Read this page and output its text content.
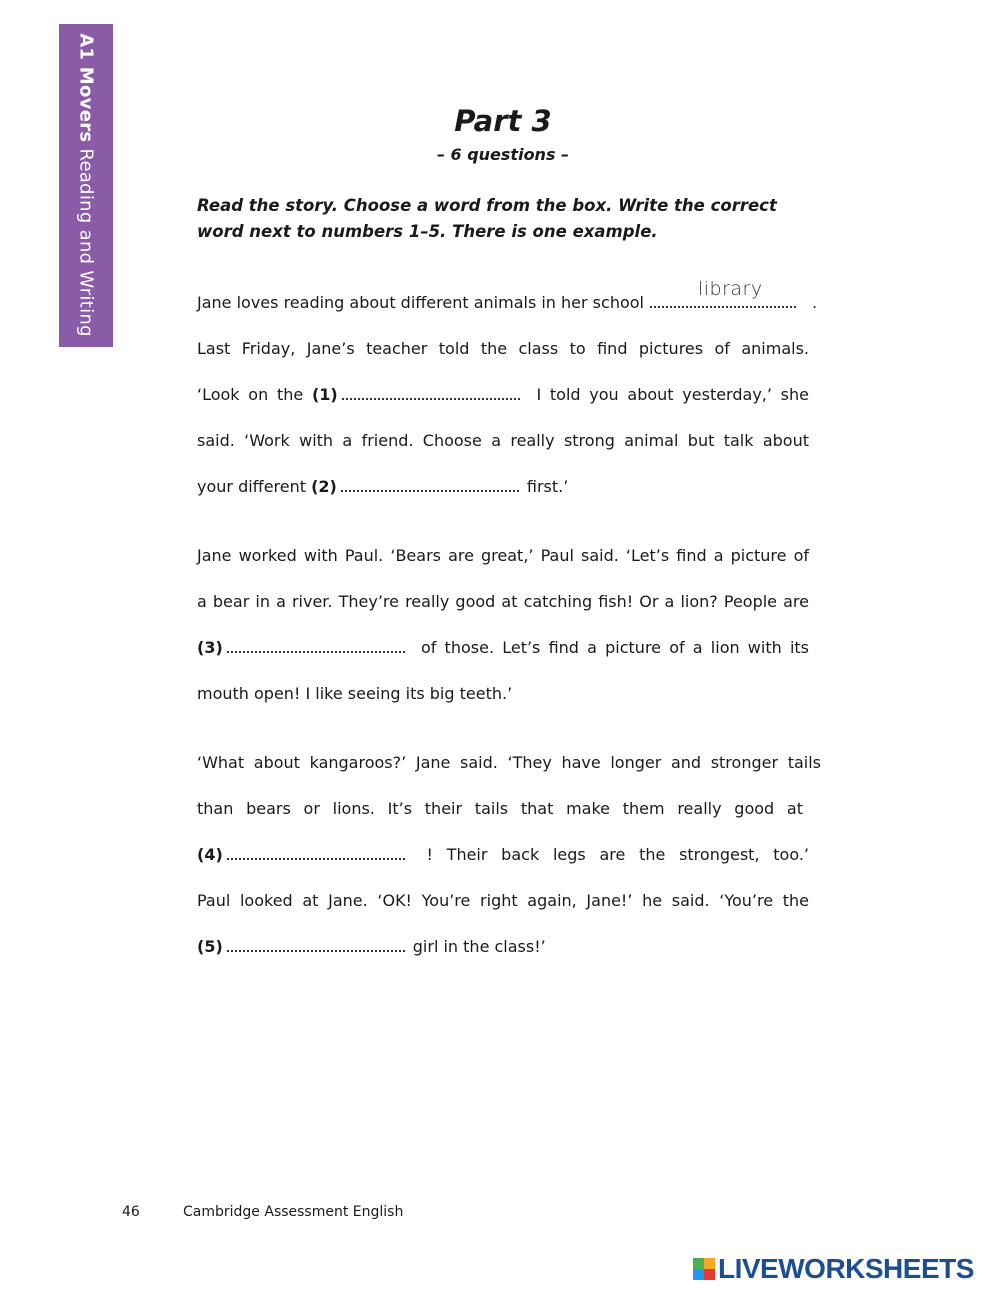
A1 Movers Reading and Writing
Part 3
– 6 questions –
Read the story. Choose a word from the box. Write the correct word next to numbers 1–5. There is one example.
Jane loves reading about different animals in her school
library
.
Last Friday, Jane’s teacher told the class to find pictures of animals.
‘Look on the (1)	I told you about yesterday,’ she
said. ‘Work with a friend. Choose a really strong animal but talk about
your different (2)	first.’
Jane worked with Paul. ‘Bears are great,’ Paul said. ‘Let’s find a picture of
a bear in a river. They’re really good at catching fish! Or a lion? People are
(3)	of those. Let’s find a picture of a lion with its
mouth open! I like seeing its big teeth.’
‘What about kangaroos?’ Jane said. ‘They have longer and stronger tails
than bears or lions. It’s their tails that make them really good at
(4)	! Their back legs are the strongest, too.’
Paul looked at Jane. ‘OK! You’re right again, Jane!’ he said. ‘You’re the
(5)	girl in the class!’
46	Cambridge Assessment English
LIVEWORKSHEETS
